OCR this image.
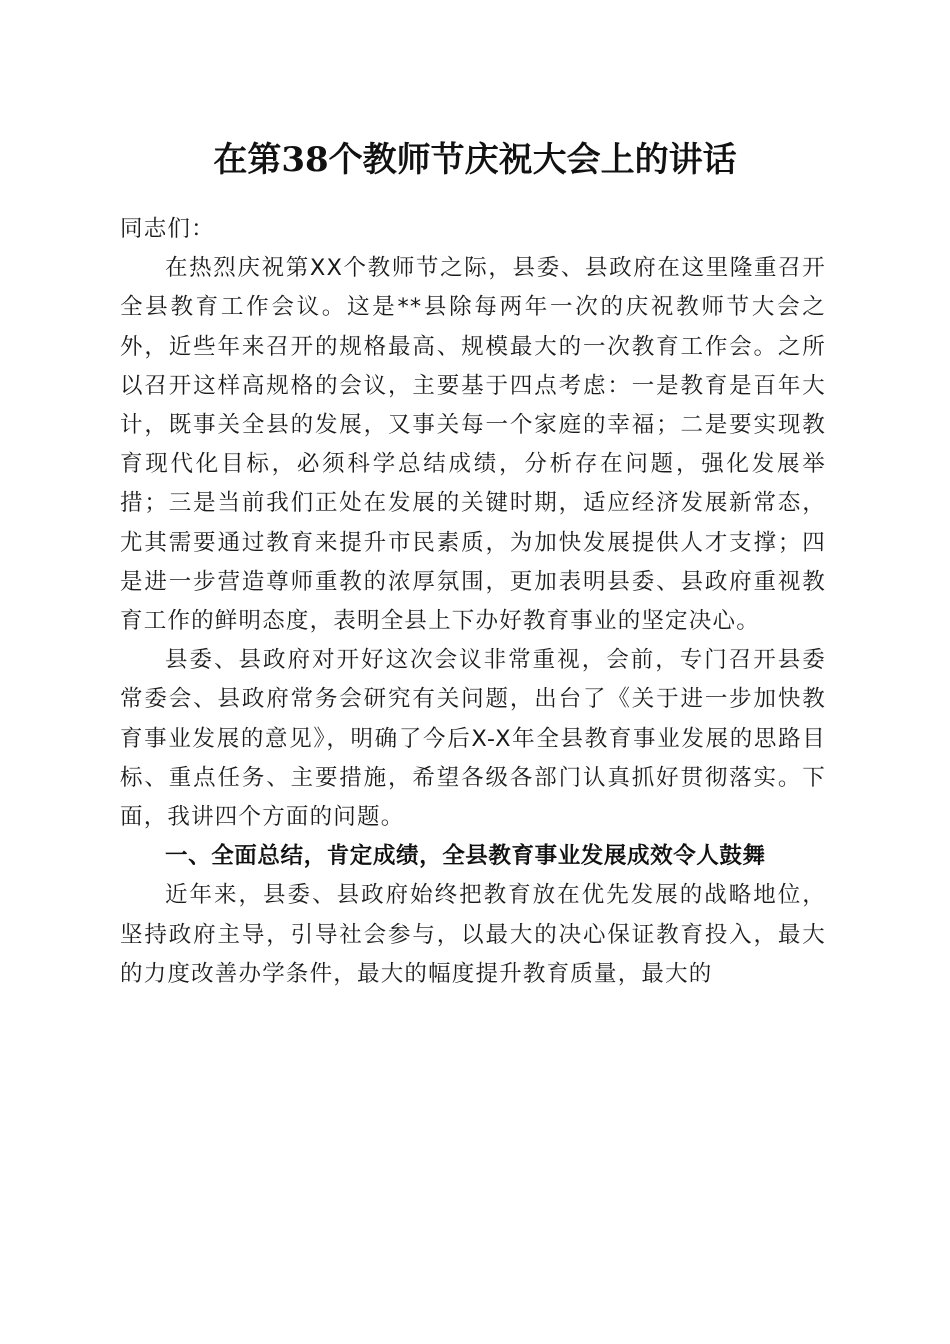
在第38个教师节庆祝大会上的讲话

同志们：

在热烈庆祝第XX个教师节之际，县委、县政府在这里隆重召开全县教育工作会议。这是**县除每两年一次的庆祝教师节大会之外，近些年来召开的规格最高、规模最大的一次教育工作会。之所以召开这样高规格的会议，主要基于四点考虑：一是教育是百年大计，既事关全县的发展，又事关每一个家庭的幸福；二是要实现教育现代化目标，必须科学总结成绩，分析存在问题，强化发展举措；三是当前我们正处在发展的关键时期，适应经济发展新常态，尤其需要通过教育来提升市民素质，为加快发展提供人才支撑；四是进一步营造尊师重教的浓厚氛围，更加表明县委、县政府重视教育工作的鲜明态度，表明全县上下办好教育事业的坚定决心。

县委、县政府对开好这次会议非常重视，会前，专门召开县委常委会、县政府常务会研究有关问题，出台了《关于进一步加快教育事业发展的意见》，明确了今后X-X年全县教育事业发展的思路目标、重点任务、主要措施，希望各级各部门认真抓好贯彻落实。下面，我讲四个方面的问题。

一、全面总结，肯定成绩，全县教育事业发展成效令人鼓舞

近年来，县委、县政府始终把教育放在优先发展的战略地位，坚持政府主导，引导社会参与，以最大的决心保证教育投入，最大的力度改善办学条件，最大的幅度提升教育质量，最大的
